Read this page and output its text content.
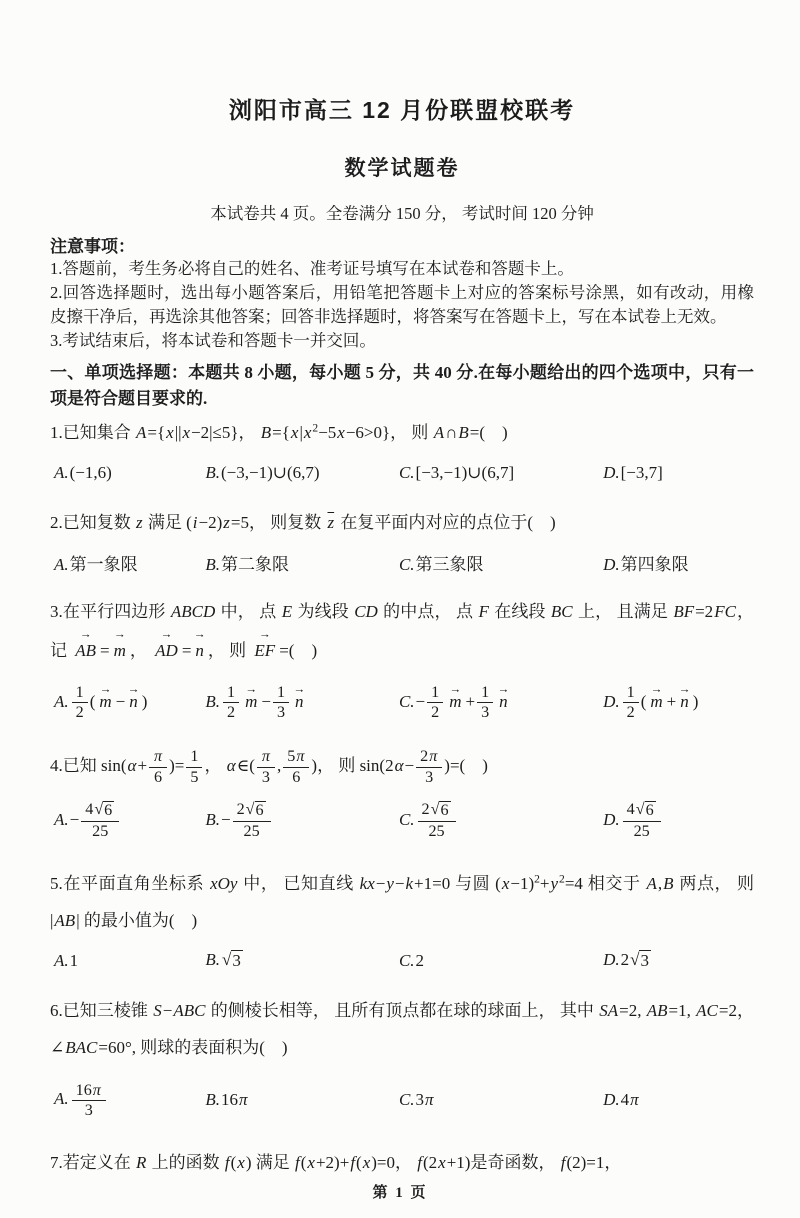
浏阳市高三 12 月份联盟校联考
数学试题卷

本试卷共 4 页。全卷满分 150 分， 考试时间 120 分钟

注意事项：

1.答题前，考生务必将自己的姓名、准考证号填写在本试卷和答题卡上。

2.回答选择题时，选出每小题答案后，用铅笔把答题卡上对应的答案标号涂黑，如有改动，用橡皮擦干净后，再选涂其他答案；回答非选择题时，将答案写在答题卡上，写在本试卷上无效。

3.考试结束后，将本试卷和答题卡一并交回。

一、单项选择题：本题共 8 小题，每小题 5 分，共 40 分.在每小题给出的四个选项中，只有一项是符合题目要求的.

1.已知集合 A={x||x−2|≤5}， $B=\{x|x^2-5x-6>0\}$， 则 A∩B=(　)

A.(−1,6)	B.(−3,−1)∪(6,7)	C.[−3,−1)∪(6,7]	D.[−3,7]

2.已知复数 z 满足 (i−2)z=5， 则复数 $\overline{z}$ 在复平面内对应的点位于(　)

A.第一象限	B.第二象限	C.第三象限	D.第四象限

3.在平行四边形 ABCD 中， 点 E 为线段 CD 的中点， 点 F 在线段 BC 上， 且满足 BF=2FC， 记 → AB = → m ， → AD = → n ， 则 → EF =(　)

A. $\frac{1}{2}$ ( → m − → n )	B. $\frac{1}{2} \to m - \frac{1}{3} \to n$	$C.- \frac{1}{2} \to m + \frac{1}{3} \to n$	D. $\frac{1}{2}$ ( → m + → n )

4.已知 $\sin(\alpha+ \frac{\pi}{6}$ )= $\frac{1}{5}$ ， α∈( $\frac{\pi}{3}$ , $\frac{5\pi}{6}$ )， 则 $\sin(2\alpha- \frac{2\pi}{3}$ )=(　)

$A.- \frac{4 √ 6}{25}$	$B.- \frac{2 √ 6}{25}$	C. $\frac{2 √ 6}{25}$	D. $\frac{4 √ 6}{25}$

5.在平面直角坐标系 xOy 中， 已知直线 kx−y−k+1=0 与圆 $(x-1)^2+y^2=4$ 相交于 A,B 两点， 则 |AB| 的最小值为(　)

A.1	B. √ 3	C.2	D.2 √ 3

6.已知三棱锥 S−ABC 的侧棱长相等， 且所有顶点都在球的球面上， 其中 SA=2, AB=1, AC=2， ∠BAC=60°, 则球的表面积为(　)

A. $\frac{16\pi}{3}$	B.16π	C.3π	D.4π

7.若定义在 R 上的函数 f(x) 满足 f(x+2)+f(x)=0， f(2x+1)是奇函数， f(2)=1，

第 1 页
